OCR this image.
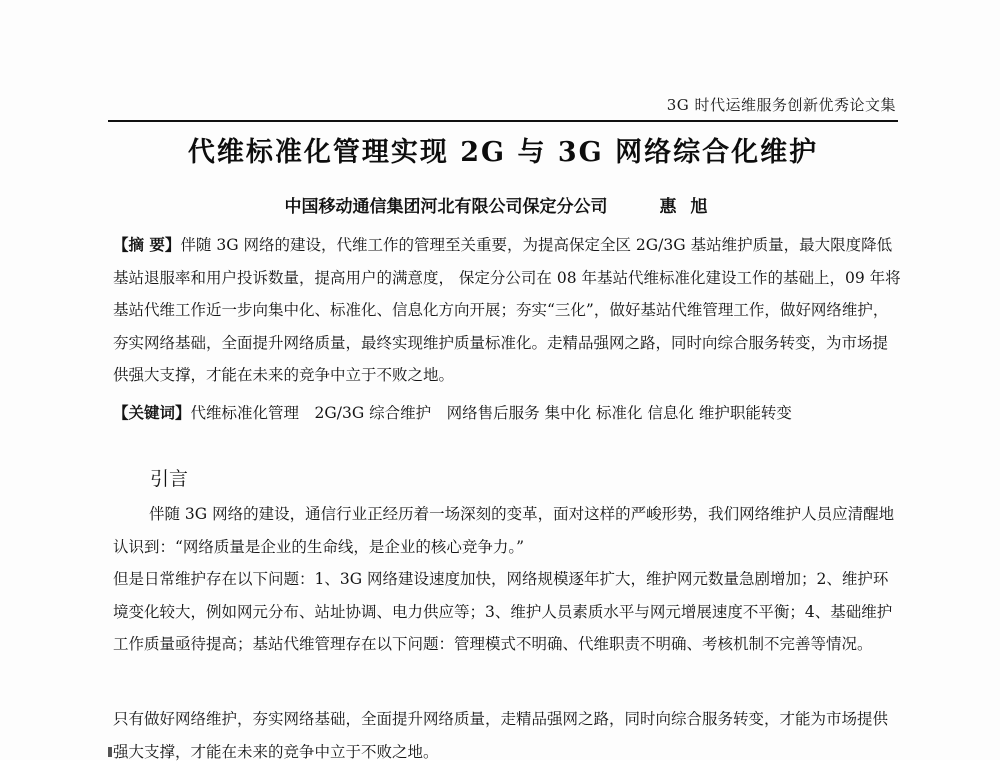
3G 时代运维服务创新优秀论文集
代维标准化管理实现 2G 与 3G 网络综合化维护
中国移动通信集团河北有限公司保定分公司	惠旭
【摘 要】伴随 3G 网络的建设，代维工作的管理至关重要，为提高保定全区 2G/3G 基站维护质量，最大限度降低基站退服率和用户投诉数量，提高用户的满意度， 保定分公司在 08 年基站代维标准化建设工作的基础上，09 年将基站代维工作近一步向集中化、标准化、信息化方向开展；夯实“三化”，做好基站代维管理工作，做好网络维护，夯实网络基础，全面提升网络质量，最终实现维护质量标准化。走精品强网之路，同时向综合服务转变，为市场提供强大支撑，才能在未来的竞争中立于不败之地。
【关键词】代维标准化管理　2G/3G 综合维护　网络售后服务 集中化 标准化 信息化 维护职能转变
引言
伴随 3G 网络的建设，通信行业正经历着一场深刻的变革，面对这样的严峻形势，我们网络维护人员应清醒地认识到：“网络质量是企业的生命线，是企业的核心竞争力。”
但是日常维护存在以下问题：1、3G 网络建设速度加快，网络规模逐年扩大，维护网元数量急剧增加；2、维护环境变化较大，例如网元分布、站址协调、电力供应等；3、维护人员素质水平与网元增展速度不平衡；4、基础维护工作质量亟待提高；基站代维管理存在以下问题：管理模式不明确、代维职责不明确、考核机制不完善等情况。
只有做好网络维护，夯实网络基础，全面提升网络质量，走精品强网之路，同时向综合服务转变，才能为市场提供强大支撑，才能在未来的竞争中立于不败之地。
